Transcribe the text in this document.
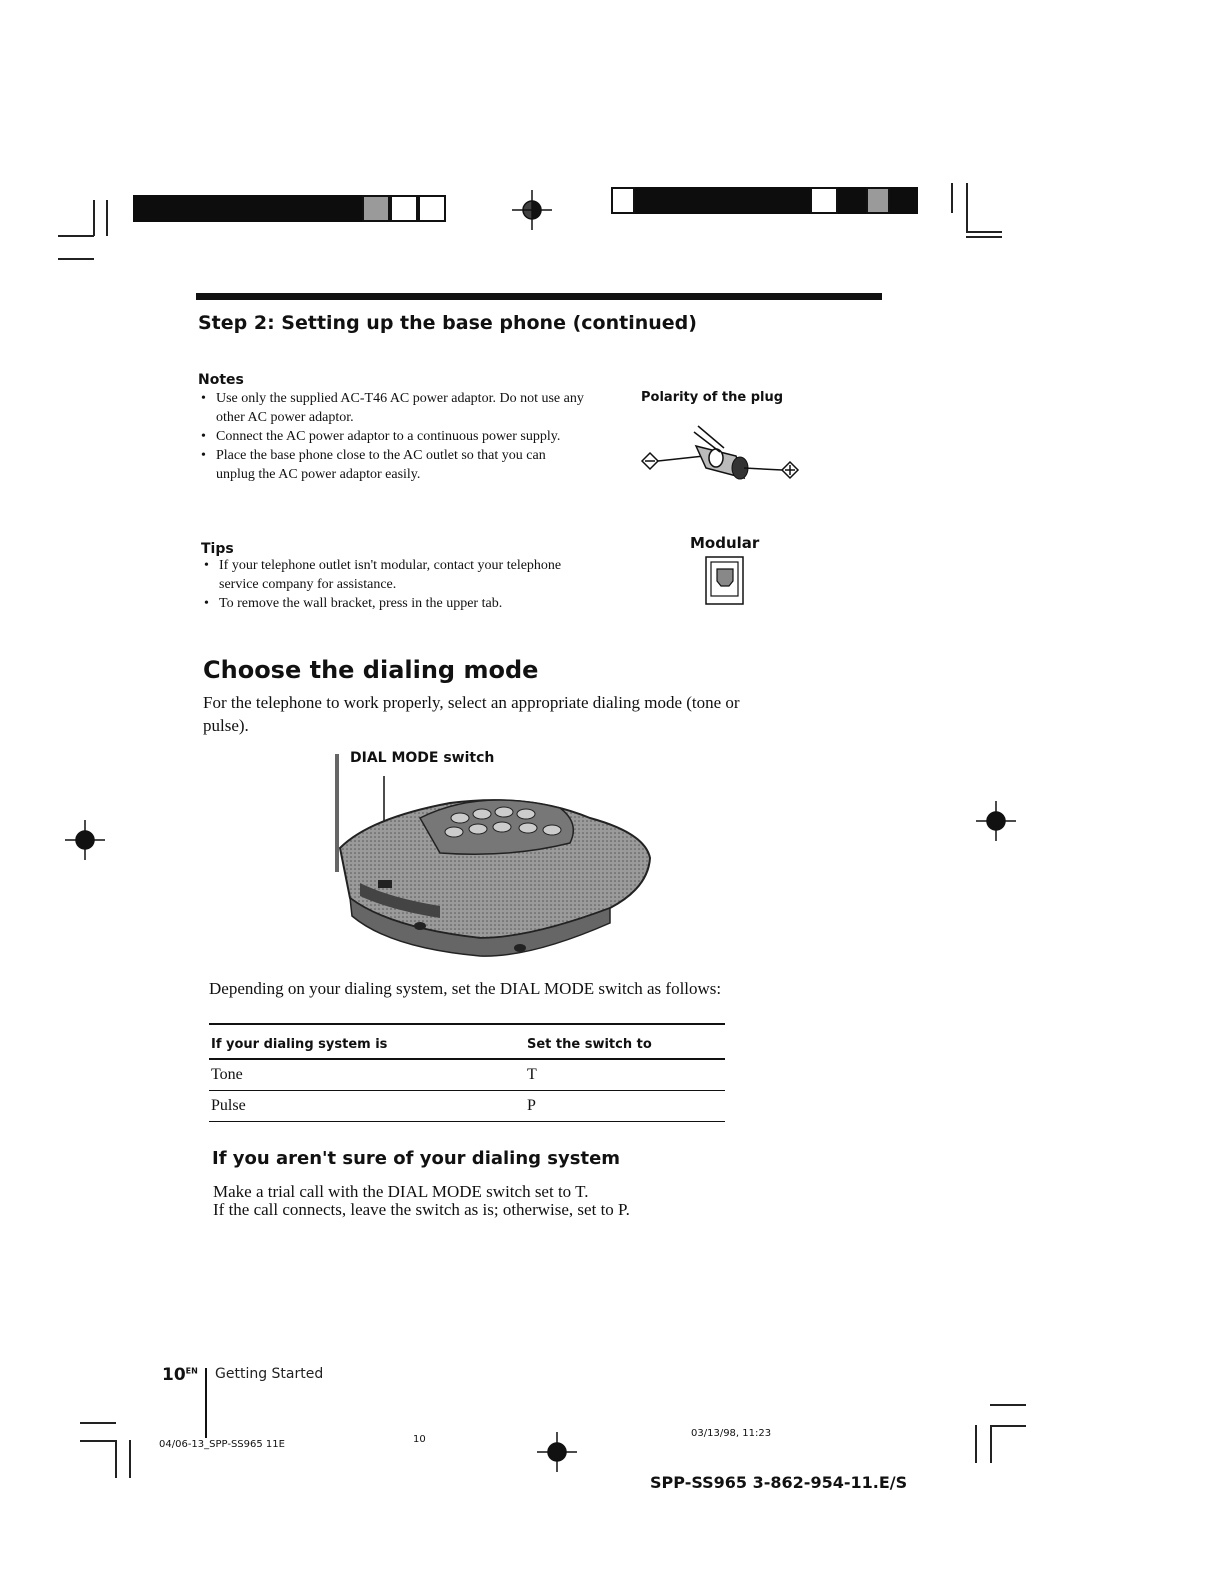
Step 2: Setting up the base phone (continued)
Notes
• Use only the supplied AC-T46 AC power adaptor. Do not use any other AC power adaptor.
• Connect the AC power adaptor to a continuous power supply.
• Place the base phone close to the AC outlet so that you can unplug the AC power adaptor easily.
Polarity of the plug
Tips
• If your telephone outlet isn't modular, contact your telephone service company for assistance.
• To remove the wall bracket, press in the upper tab.
Modular
Choose the dialing mode
For the telephone to work properly, select an appropriate dialing mode (tone or pulse).
DIAL MODE switch
Depending on your dialing system, set the DIAL MODE switch as follows:
If your dialing system is	Set the switch to
Tone	T
Pulse	P
If you aren't sure of your dialing system
Make a trial call with the DIAL MODE switch set to T.
If the call connects, leave the switch as is; otherwise, set to P.
$10^{EN}$ Getting Started
04/06-13_SPP-SS965 11E	10
03/13/98, 11:23
SPP-SS965 3-862-954-11.E/S
